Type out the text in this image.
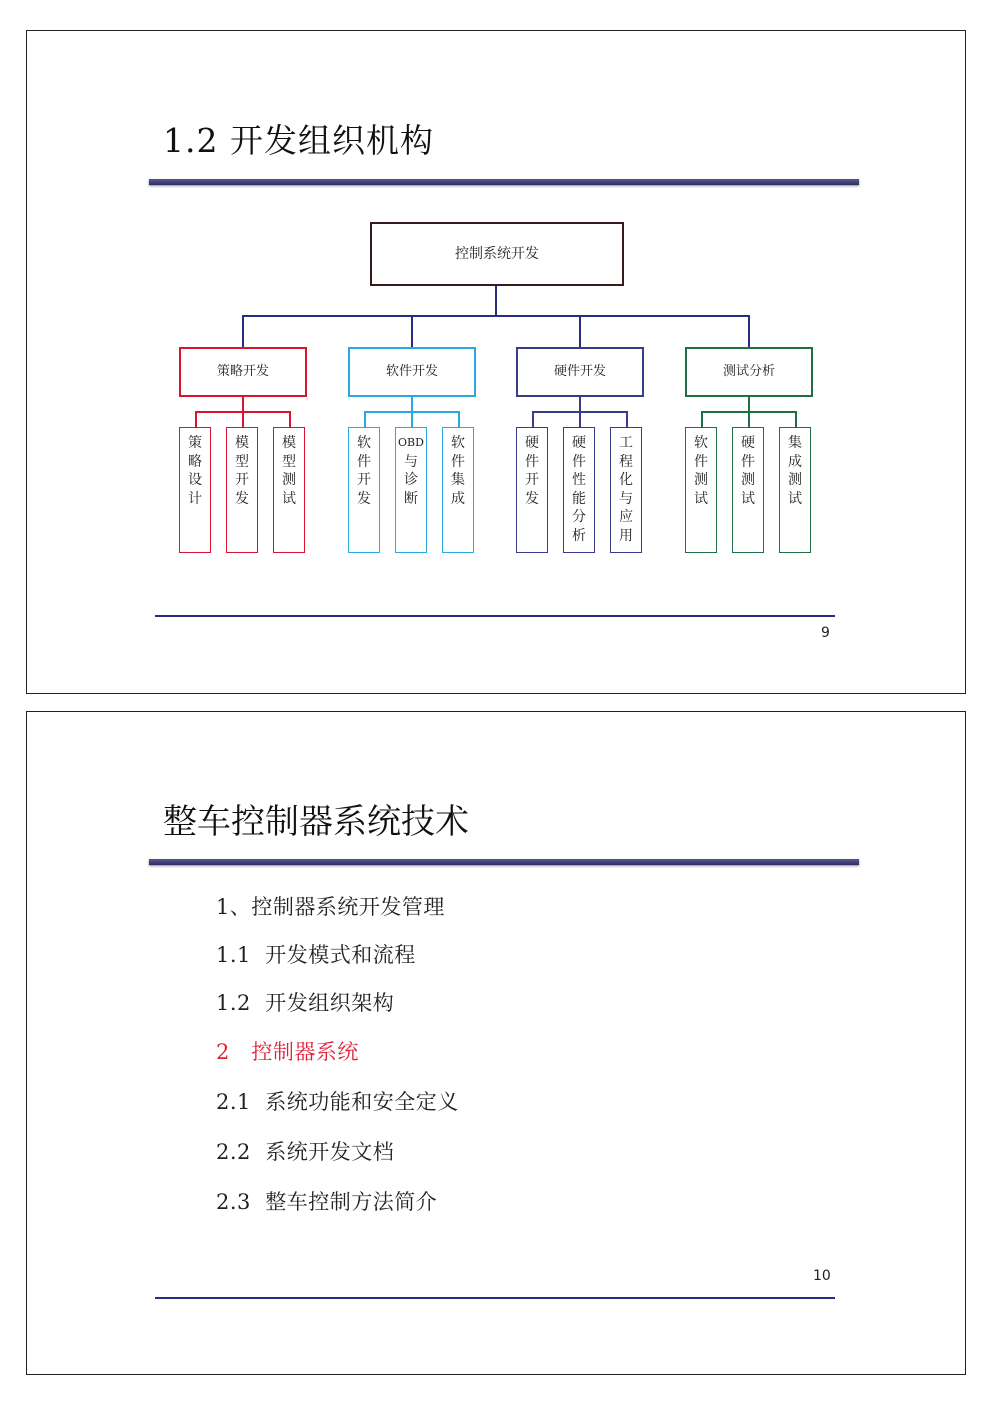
1.2 开发组织机构
控制系统开发
策略开发
策
略
设
计
模
型
开
发
模
型
测
试
软件开发
软
件
开
发
OBD
与
诊
断
软
件
集
成
硬件开发
硬
件
开
发
硬
件
性
能
分
析
工
程
化
与
应
用
测试分析
软
件
测
试
硬
件
测
试
集
成
测
试
9
整车控制器系统技术
1、控制器系统开发管理
1.1  开发模式和流程
1.2  开发组织架构
2   控制器系统
2.1  系统功能和安全定义
2.2  系统开发文档
2.3  整车控制方法简介
10
